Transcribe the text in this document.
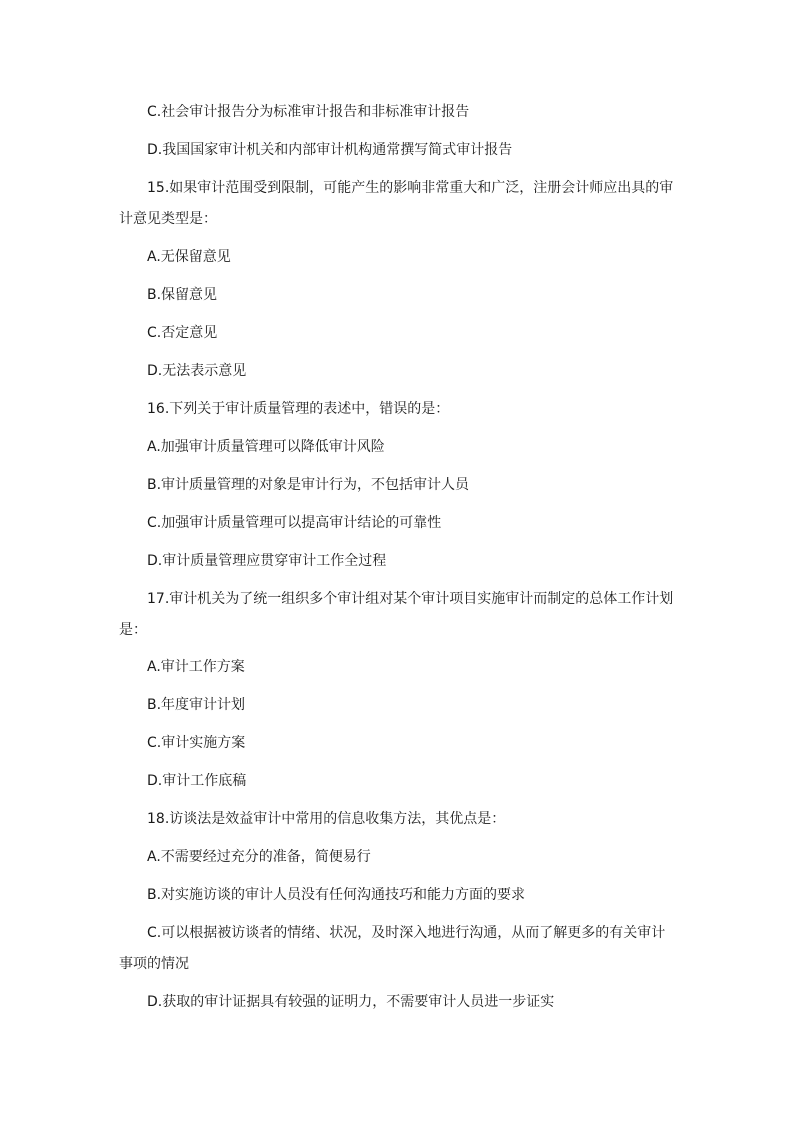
C.社会审计报告分为标准审计报告和非标准审计报告
D.我国国家审计机关和内部审计机构通常撰写简式审计报告
15.如果审计范围受到限制，可能产生的影响非常重大和广泛，注册会计师应出具的审
计意见类型是：
A.无保留意见
B.保留意见
C.否定意见
D.无法表示意见
16.下列关于审计质量管理的表述中，错误的是：
A.加强审计质量管理可以降低审计风险
B.审计质量管理的对象是审计行为，不包括审计人员
C.加强审计质量管理可以提高审计结论的可靠性
D.审计质量管理应贯穿审计工作全过程
17.审计机关为了统一组织多个审计组对某个审计项目实施审计而制定的总体工作计划
是：
A.审计工作方案
B.年度审计计划
C.审计实施方案
D.审计工作底稿
18.访谈法是效益审计中常用的信息收集方法，其优点是：
A.不需要经过充分的准备，简便易行
B.对实施访谈的审计人员没有任何沟通技巧和能力方面的要求
C.可以根据被访谈者的情绪、状况，及时深入地进行沟通，从而了解更多的有关审计
事项的情况
D.获取的审计证据具有较强的证明力，不需要审计人员进一步证实
